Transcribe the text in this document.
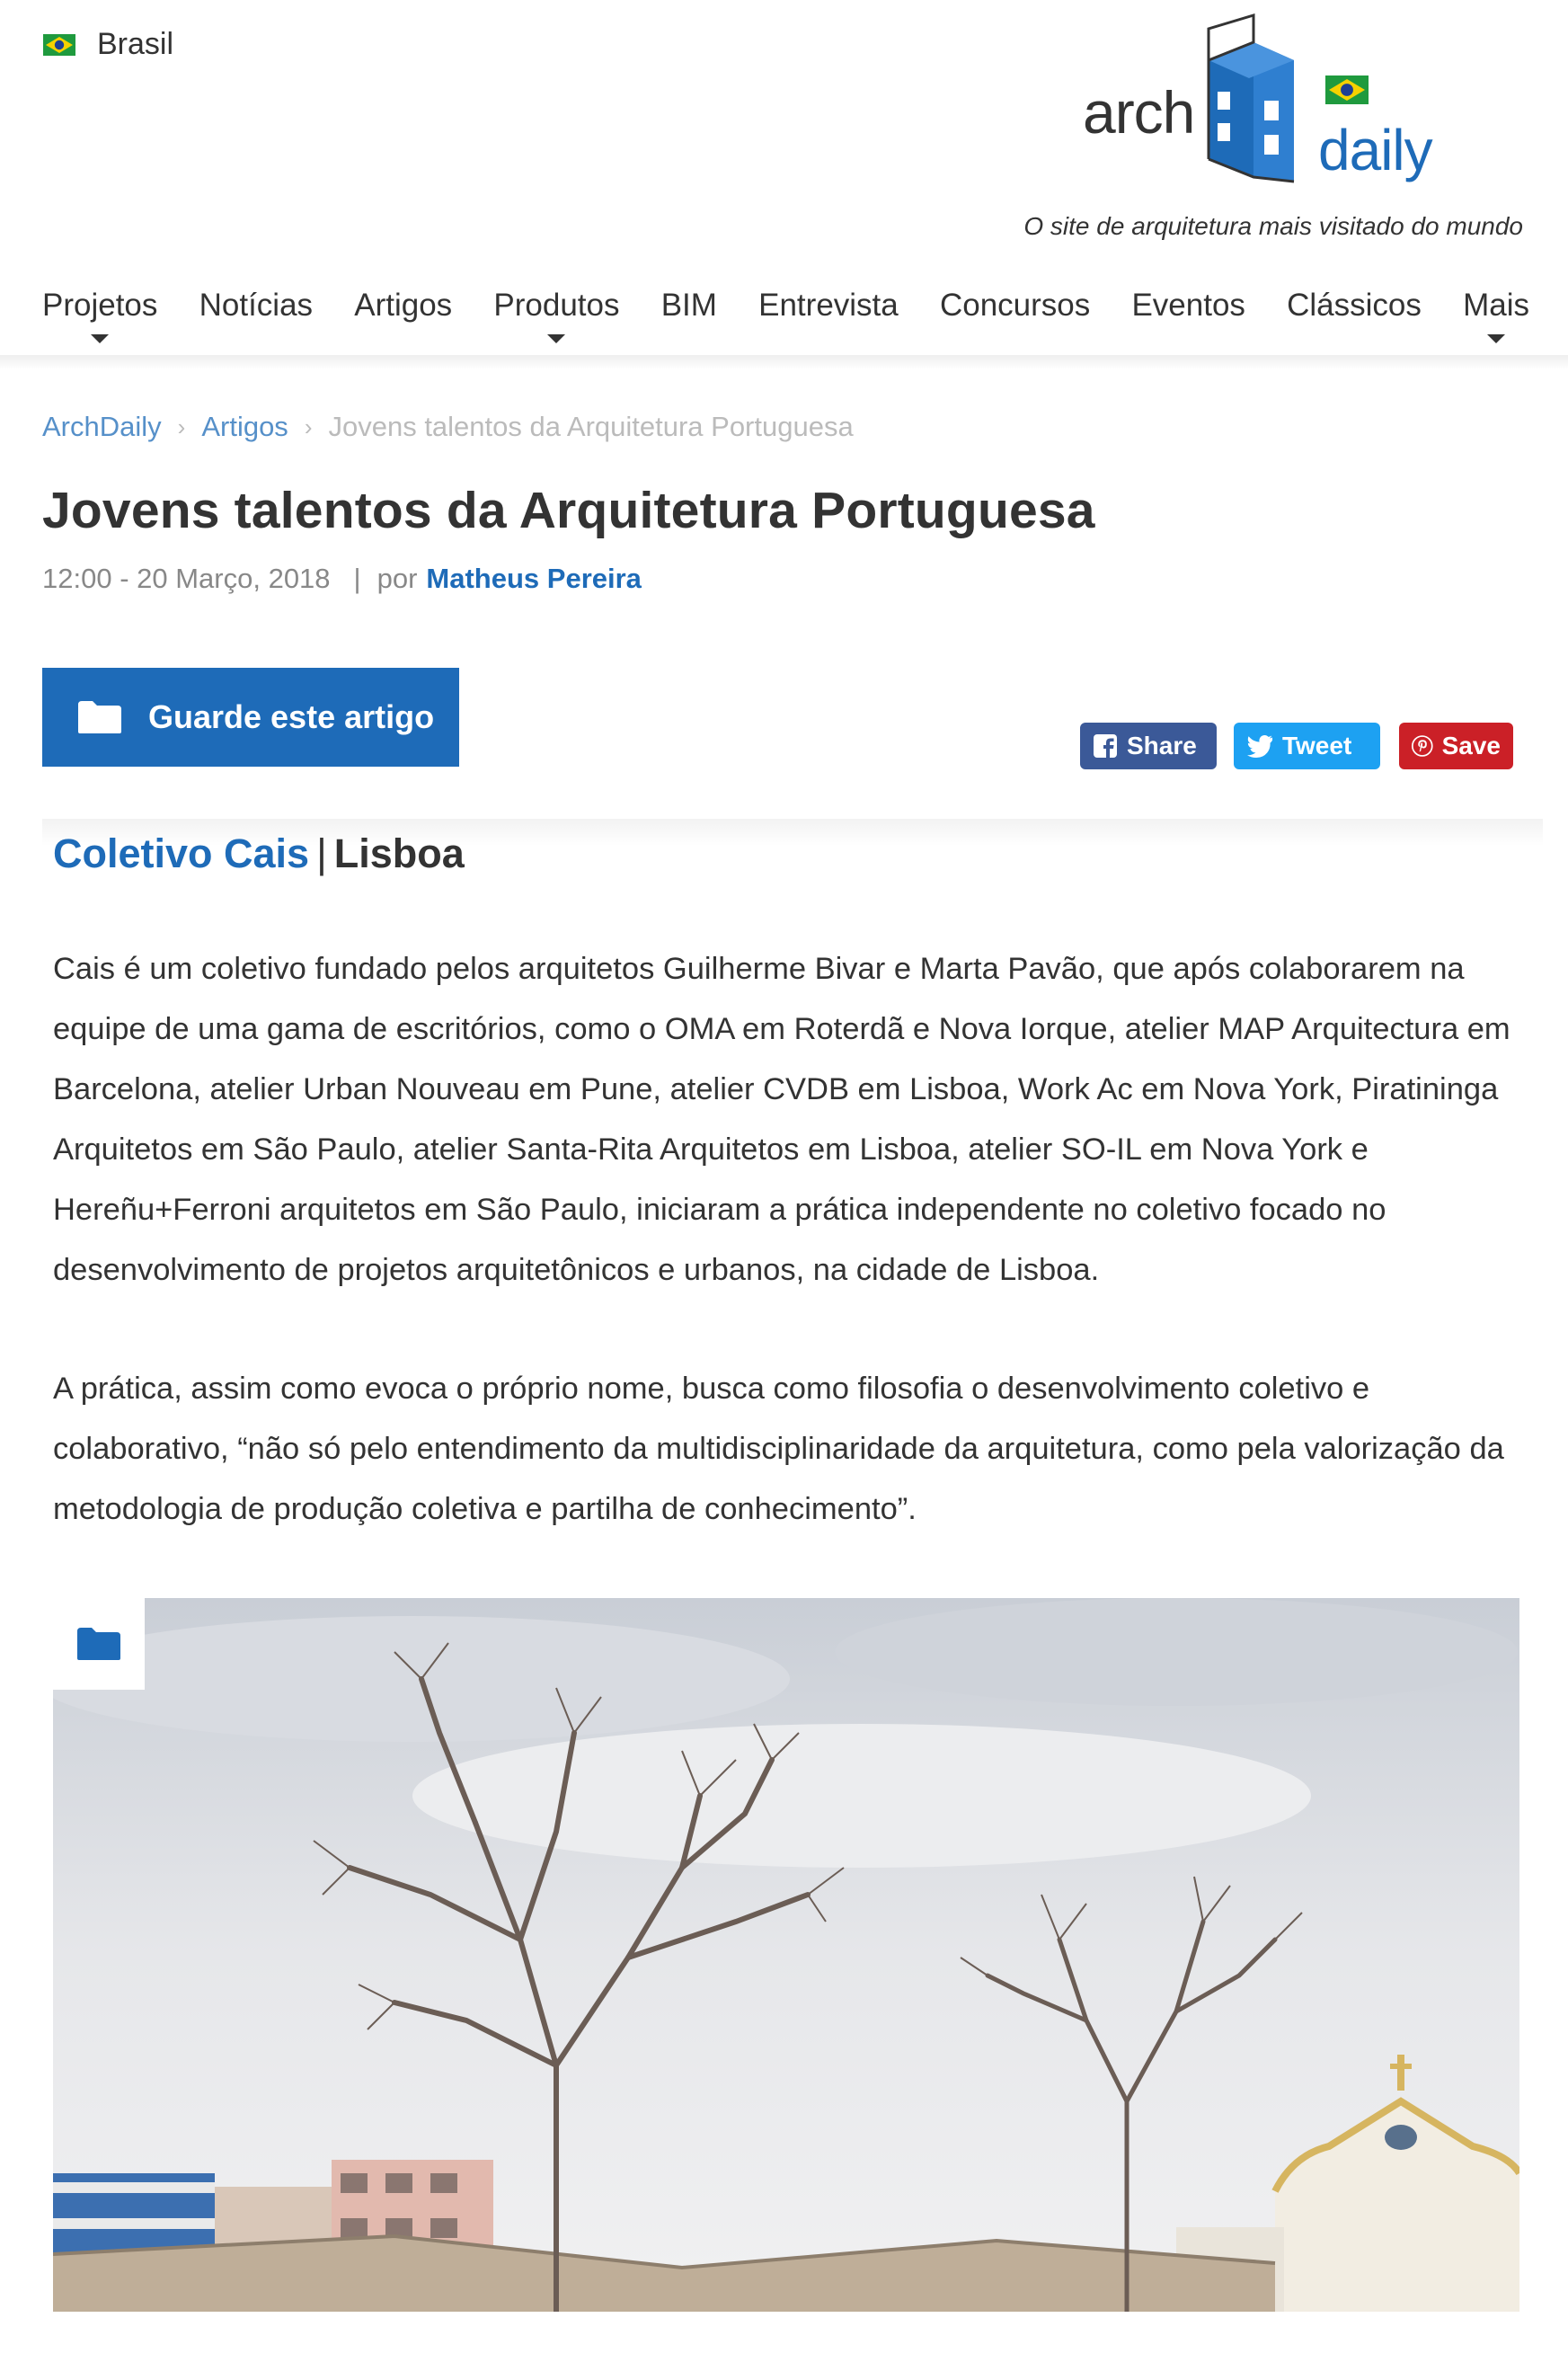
Brasil
arch
daily
O site de arquitetura mais visitado do mundo
Projetos Notícias Artigos Produtos BIM Entrevista Concursos Eventos Clássicos Mais
ArchDaily › Artigos › Jovens talentos da Arquitetura Portuguesa
Jovens talentos da Arquitetura Portuguesa
12:00 - 20 Março, 2018 | por Matheus Pereira
Guarde este artigo
Share	Tweet	Save
Coletivo Cais | Lisboa

Cais é um coletivo fundado pelos arquitetos Guilherme Bivar e Marta Pavão, que após colaborarem na equipe de uma gama de escritórios, como o OMA em Roterdã e Nova Iorque, atelier MAP Arquitectura em Barcelona, atelier Urban Nouveau em Pune, atelier CVDB em Lisboa, Work Ac em Nova York, Piratininga Arquitetos em São Paulo, atelier Santa-Rita Arquitetos em Lisboa, atelier SO-IL em Nova York e Hereñu+Ferroni arquitetos em São Paulo, iniciaram a prática independente no coletivo focado no desenvolvimento de projetos arquitetônicos e urbanos, na cidade de Lisboa.

A prática, assim como evoca o próprio nome, busca como filosofia o desenvolvimento coletivo e colaborativo, “não só pelo entendimento da multidisciplinaridade da arquitetura, como pela valorização da metodologia de produção coletiva e partilha de conhecimento”.
